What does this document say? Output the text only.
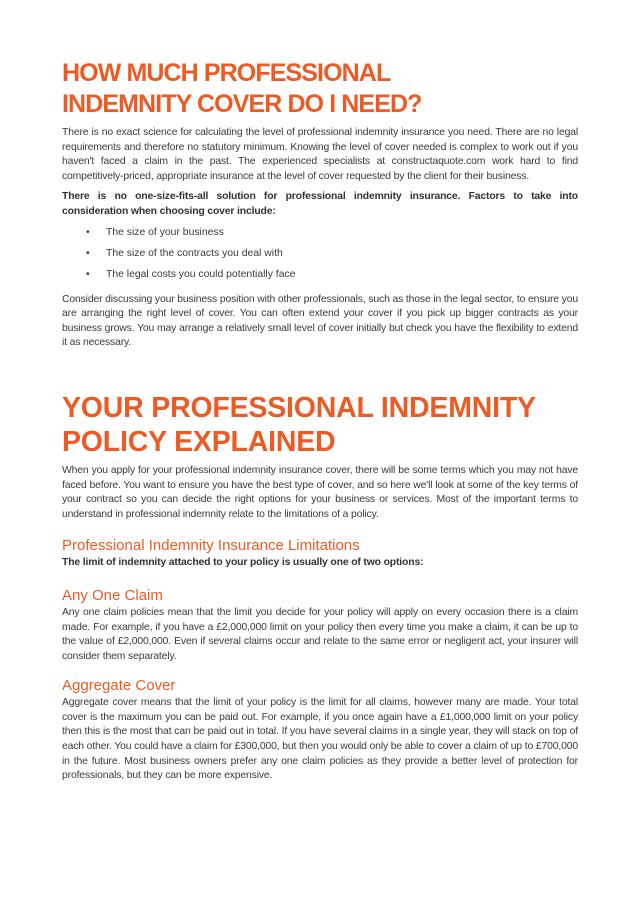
HOW MUCH PROFESSIONAL
INDEMNITY COVER DO I NEED?

There is no exact science for calculating the level of professional indemnity insurance you need. There are no legal requirements and therefore no statutory minimum. Knowing the level of cover needed is complex to work out if you haven't faced a claim in the past. The experienced specialists at constructaquote.com work hard to find competitively-priced, appropriate insurance at the level of cover requested by the client for their business.

There is no one-size-fits-all solution for professional indemnity insurance. Factors to take into consideration when choosing cover include:

• The size of your business
• The size of the contracts you deal with
• The legal costs you could potentially face

Consider discussing your business position with other professionals, such as those in the legal sector, to ensure you are arranging the right level of cover. You can often extend your cover if you pick up bigger contracts as your business grows. You may arrange a relatively small level of cover initially but check you have the flexibility to extend it as necessary.

YOUR PROFESSIONAL INDEMNITY
POLICY EXPLAINED

When you apply for your professional indemnity insurance cover, there will be some terms which you may not have faced before. You want to ensure you have the best type of cover, and so here we'll look at some of the key terms of your contract so you can decide the right options for your business or services. Most of the important terms to understand in professional indemnity relate to the limitations of a policy.

Professional Indemnity Insurance Limitations

The limit of indemnity attached to your policy is usually one of two options:

Any One Claim

Any one claim policies mean that the limit you decide for your policy will apply on every occasion there is a claim made. For example, if you have a £2,000,000 limit on your policy then every time you make a claim, it can be up to the value of £2,000,000. Even if several claims occur and relate to the same error or negligent act, your insurer will consider them separately.

Aggregate Cover

Aggregate cover means that the limit of your policy is the limit for all claims, however many are made. Your total cover is the maximum you can be paid out. For example, if you once again have a £1,000,000 limit on your policy then this is the most that can be paid out in total. If you have several claims in a single year, they will stack on top of each other. You could have a claim for £300,000, but then you would only be able to cover a claim of up to £700,000 in the future. Most business owners prefer any one claim policies as they provide a better level of protection for professionals, but they can be more expensive.
